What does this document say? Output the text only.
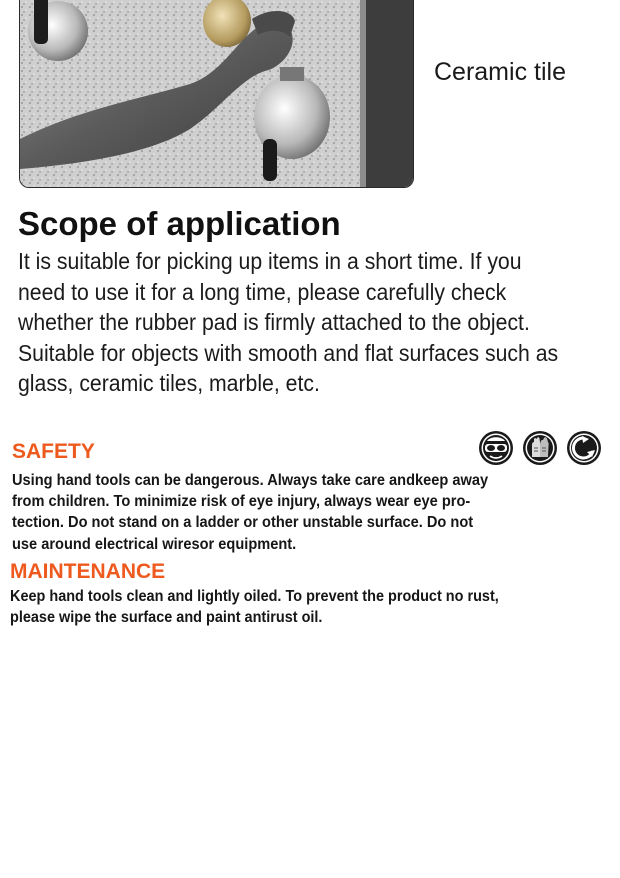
Ceramic tile
Scope of application
It is suitable for picking up items in a short time. If you
need to use it for a long time, please carefully check
whether the rubber pad is firmly attached to the object.
Suitable for objects with smooth and flat surfaces such as
glass, ceramic tiles, marble, etc.
SAFETY
Using hand tools can be dangerous. Always take care andkeep away
from children. To minimize risk of eye injury, always wear eye pro-
tection. Do not stand on a ladder or other unstable surface. Do not
use around electrical wiresor equipment.
MAINTENANCE
Keep hand tools clean and lightly oiled. To prevent the product no rust,
please wipe the surface and paint antirust oil.
